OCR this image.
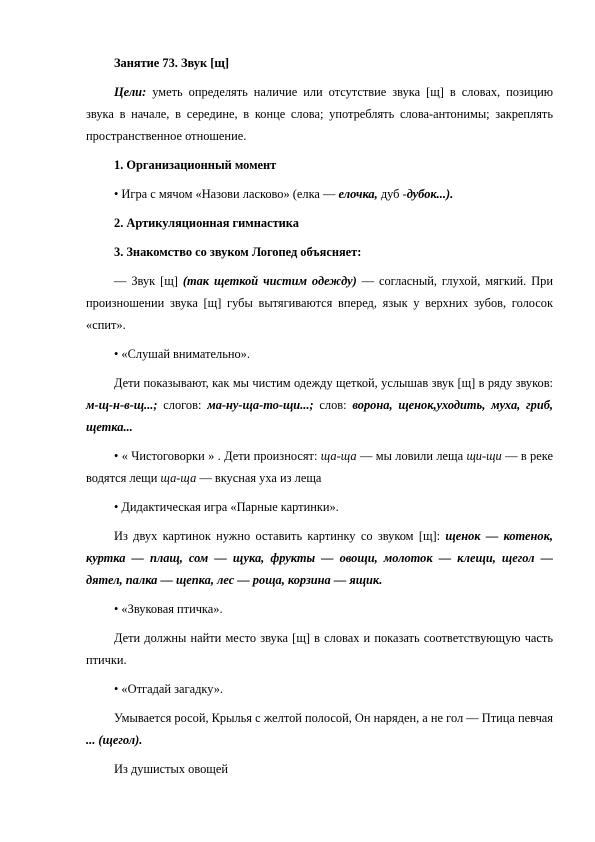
Занятие 73. Звук [щ]

Цели: уметь определять наличие или отсутствие звука [щ] в словах, позицию звука в начале, в середине, в конце слова; употреблять слова-антонимы; закреплять пространственное отношение.

1. Организационный момент

• Игра с мячом «Назови ласково» (елка — елочка, дуб -дубок...).

2. Артикуляционная гимнастика

3. Знакомство со звуком Логопед объясняет:

— Звук [щ] (так щеткой чистим одежду) — согласный, глухой, мягкий. При произношении звука [щ] губы вытягиваются вперед, язык у верхних зубов, голосок «спит».

• «Слушай внимательно».

Дети показывают, как мы чистим одежду щеткой, услышав звук [щ] в ряду звуков: м-щ-н-в-щ...; слогов: ма-ну-ща-то-щи...; слов: ворона, щенок,уходить, муха, гриб, щетка...

• « Чистоговорки » . Дети произносят: ща-ща — мы ловили леща щи-щи — в реке водятся лещи ща-ща — вкусная уха из леща

• Дидактическая игра «Парные картинки».

Из двух картинок нужно оставить картинку со звуком [щ]: щенок — котенок, куртка — плащ, сом — щука, фрукты — овощи, молоток — клещи, щегол — дятел, палка — щепка, лес — роща, корзина — ящик.

• «Звуковая птичка».

Дети должны найти место звука [щ] в словах и показать соответствующую часть птички.

• «Отгадай загадку».

Умывается росой, Крылья с желтой полосой, Он наряден, а не гол — Птица певчая ... (щегол).

Из душистых овощей
